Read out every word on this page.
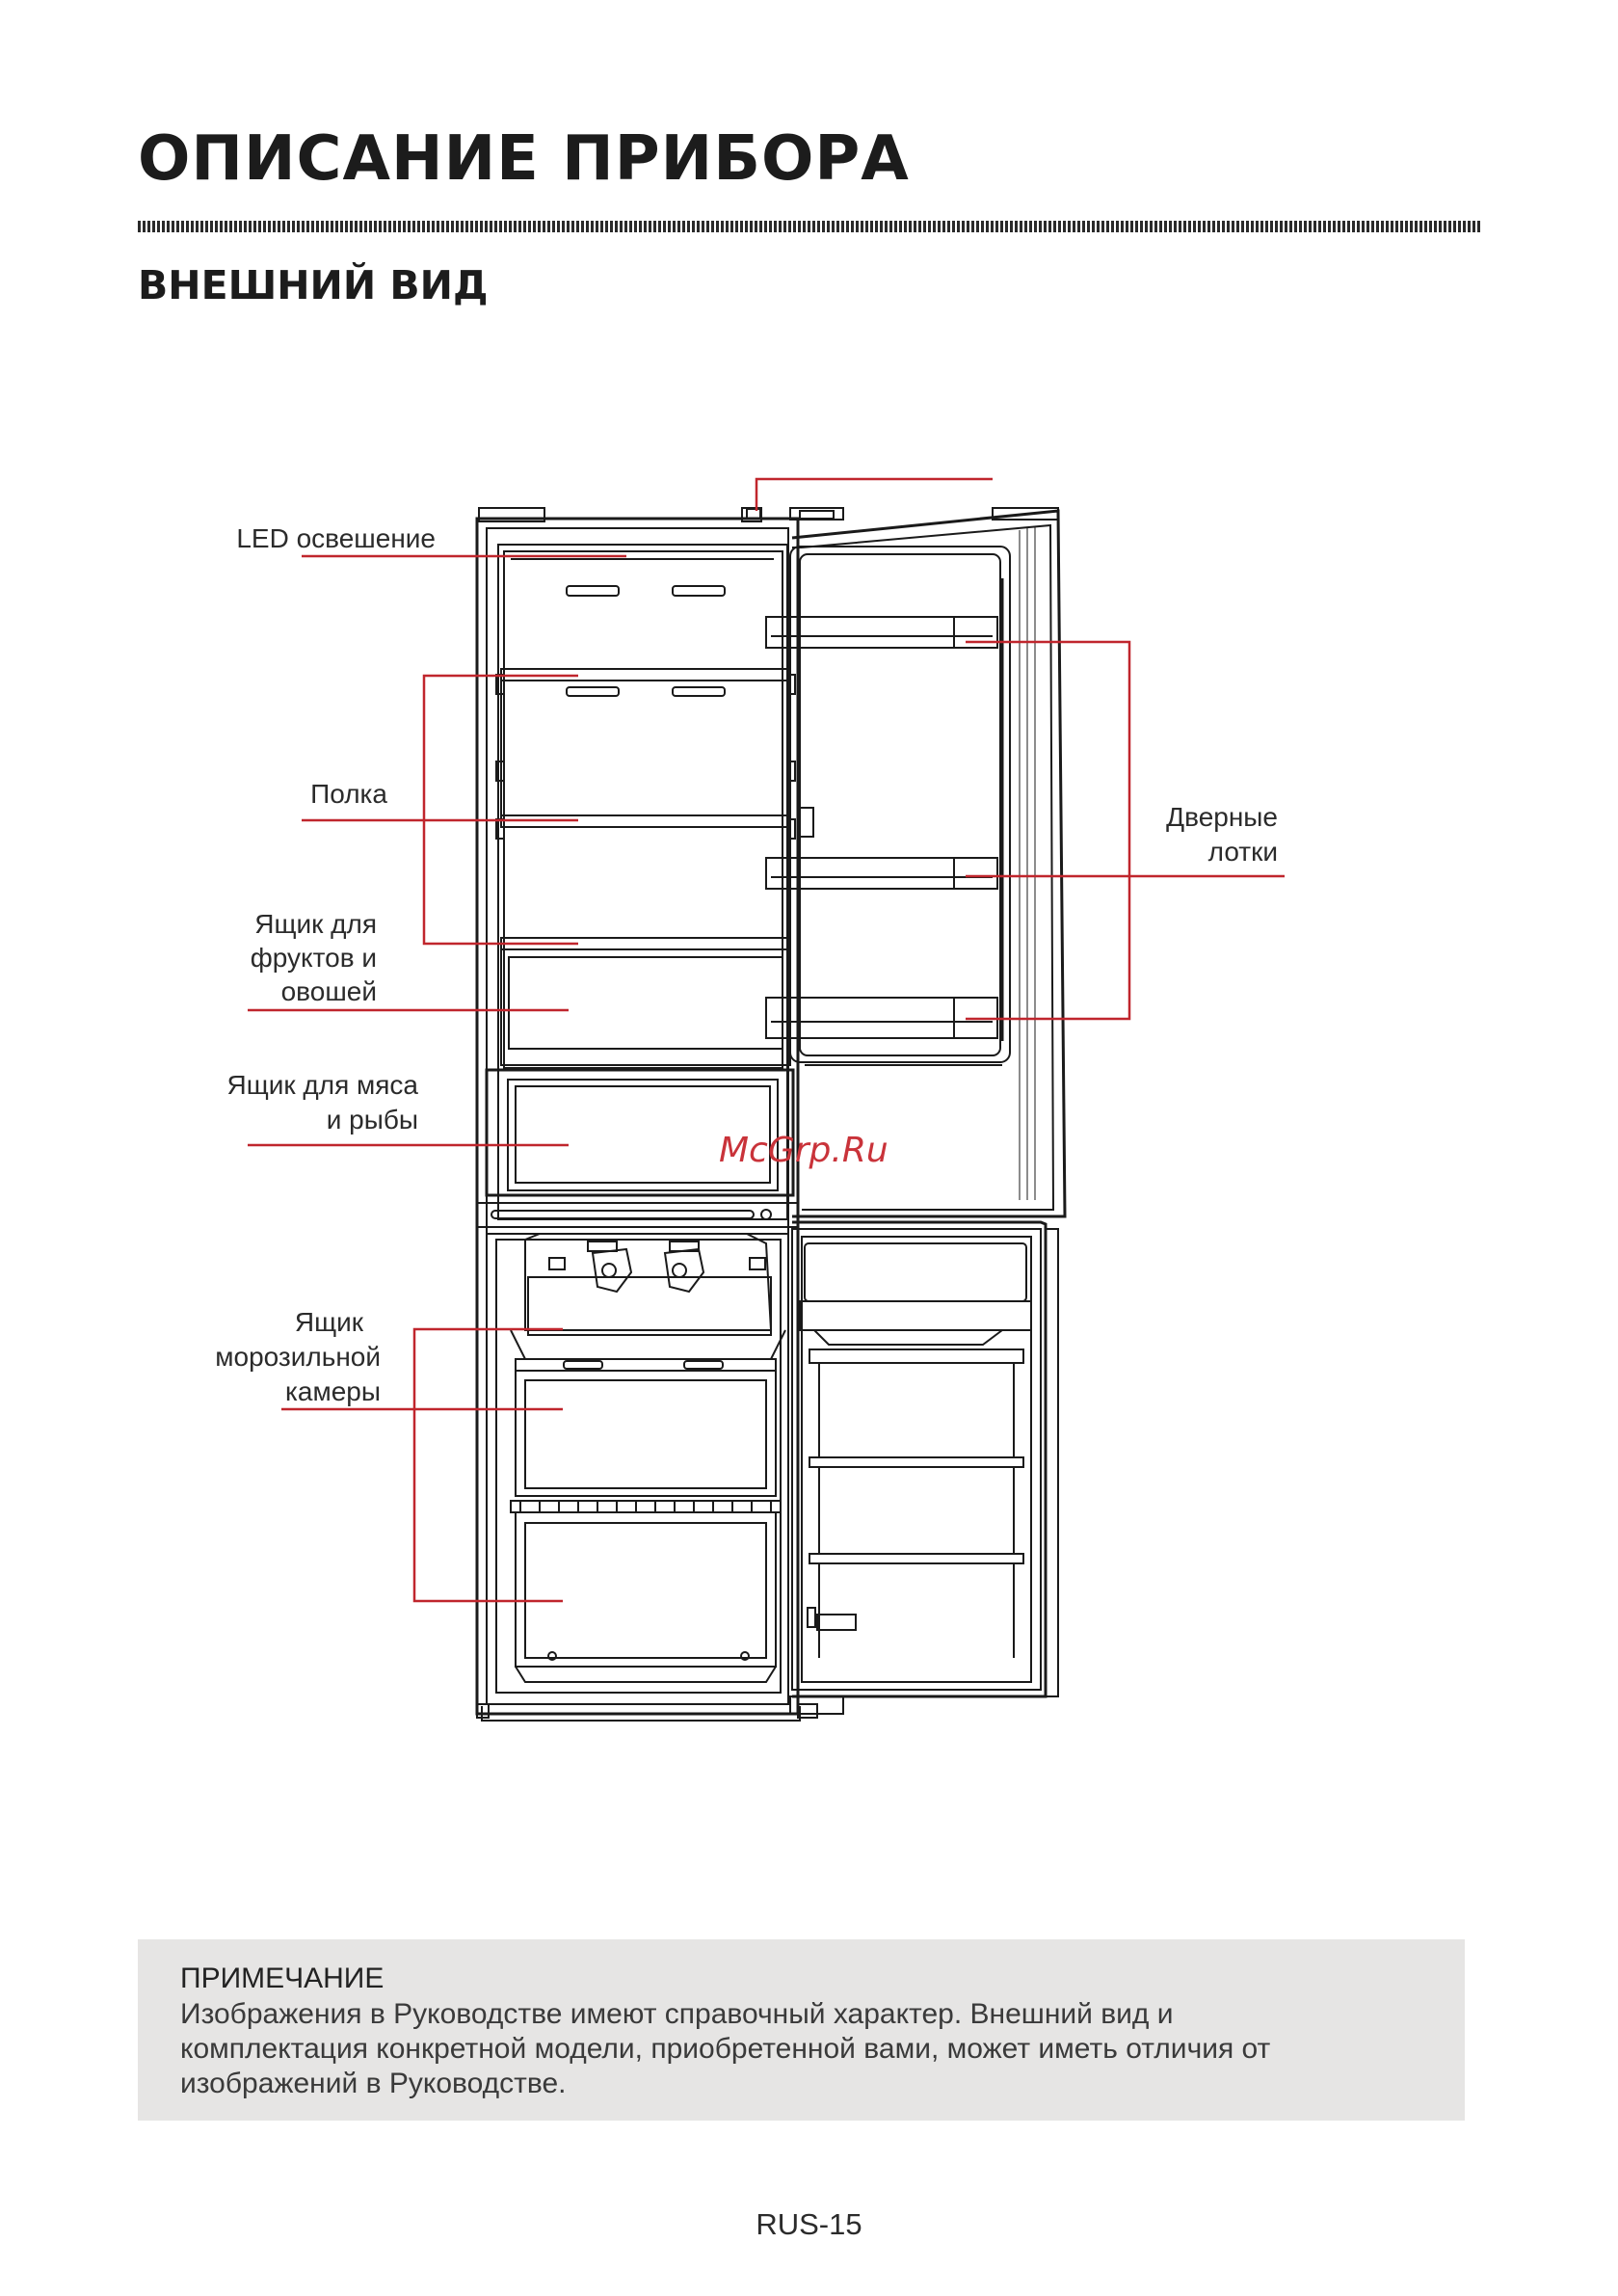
ОПИСАНИЕ ПРИБОРА
ВНЕШНИЙ ВИД
LED освешение
Полка
Ящик для
фруктов и
овошей
Ящик для мяса
и рыбы
Ящик
морозильной
камеры
Дверные
лотки
McGrp.Ru
ПРИМЕЧАНИЕ
Изображения в Руководстве имеют справочный характер. Внешний вид и
комплектация конкретной модели, приобретенной вами, может иметь отличия от
изображений в Руководстве.
RUS-15
